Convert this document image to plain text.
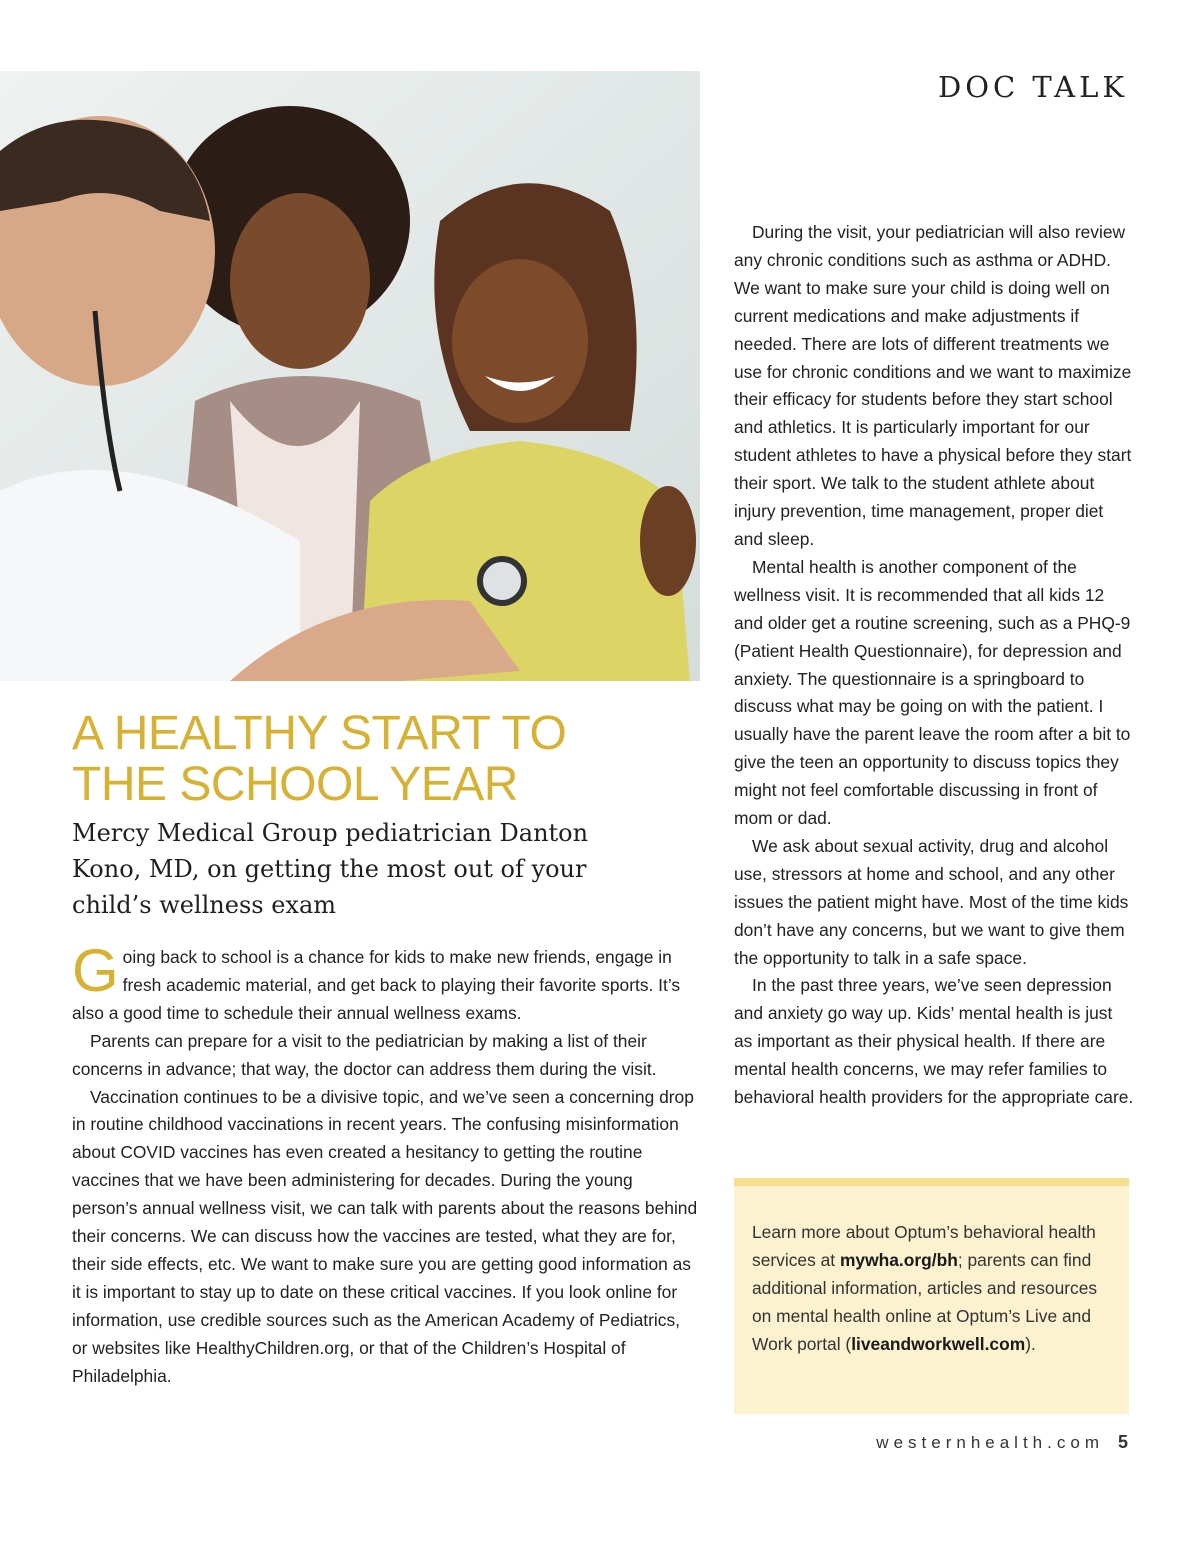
DOC TALK
A HEALTHY START TO
THE SCHOOL YEAR
Mercy Medical Group pediatrician Danton Kono, MD, on getting the most out of your child’s wellness exam

Going back to school is a chance for kids to make new friends, engage in fresh academic material, and get back to playing their favorite sports. It’s also a good time to schedule their annual wellness exams.

Parents can prepare for a visit to the pediatrician by making a list of their concerns in advance; that way, the doctor can address them during the visit.

Vaccination continues to be a divisive topic, and we’ve seen a concerning drop in routine childhood vaccinations in recent years. The confusing misinformation about COVID vaccines has even created a hesitancy to getting the routine vaccines that we have been administering for decades. During the young person’s annual wellness visit, we can talk with parents about the reasons behind their concerns. We can discuss how the vaccines are tested, what they are for, their side effects, etc. We want to make sure you are getting good information as it is important to stay up to date on these critical vaccines. If you look online for information, use credible sources such as the American Academy of Pediatrics, or websites like HealthyChildren.org, or that of the Children’s Hospital of Philadelphia.

During the visit, your pediatrician will also review any chronic conditions such as asthma or ADHD. We want to make sure your child is doing well on current medications and make adjustments if needed. There are lots of different treatments we use for chronic conditions and we want to maximize their efficacy for students before they start school and athletics. It is particularly important for our student athletes to have a physical before they start their sport. We talk to the student athlete about injury prevention, time management, proper diet and sleep.

Mental health is another component of the wellness visit. It is recommended that all kids 12 and older get a routine screening, such as a PHQ-9 (Patient Health Questionnaire), for depression and anxiety. The questionnaire is a springboard to discuss what may be going on with the patient. I usually have the parent leave the room after a bit to give the teen an opportunity to discuss topics they might not feel comfortable discussing in front of mom or dad.

We ask about sexual activity, drug and alcohol use, stressors at home and school, and any other issues the patient might have. Most of the time kids don’t have any concerns, but we want to give them the opportunity to talk in a safe space.

In the past three years, we’ve seen depression and anxiety go way up. Kids’ mental health is just as important as their physical health. If there are mental health concerns, we may refer families to behavioral health providers for the appropriate care.

Learn more about Optum’s behavioral health services at mywha.org/bh; parents can find additional information, articles and resources on mental health online at Optum’s Live and Work portal (liveandworkwell.com).
westernhealth.com 5
